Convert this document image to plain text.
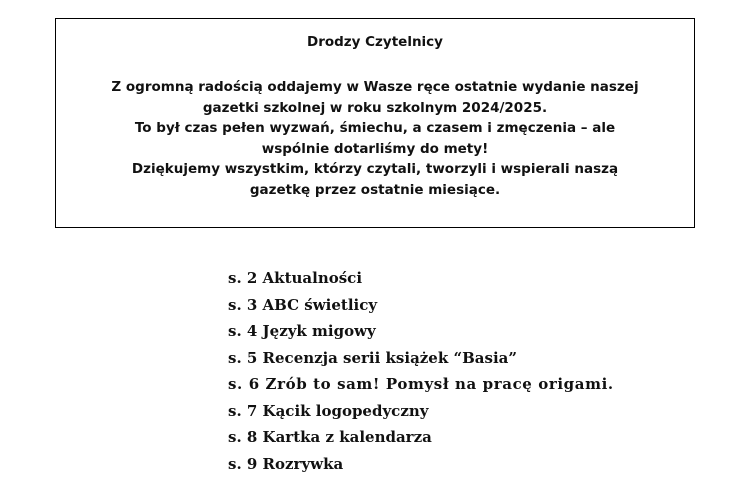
Drodzy Czytelnicy
Z ogromną radością oddajemy w Wasze ręce ostatnie wydanie naszej
gazetki szkolnej w roku szkolnym 2024/2025.
To był czas pełen wyzwań, śmiechu, a czasem i zmęczenia – ale
wspólnie dotarliśmy do mety!
Dziękujemy wszystkim, którzy czytali, tworzyli i wspierali naszą
gazetkę przez ostatnie miesiące.
s. 2 Aktualności
s. 3 ABC świetlicy
s. 4 Język migowy
s. 5 Recenzja serii książek “Basia”
s. 6 Zrób to sam! Pomysł na pracę origami.
s. 7 Kącik logopedyczny
s. 8 Kartka z kalendarza
s. 9 Rozrywka
